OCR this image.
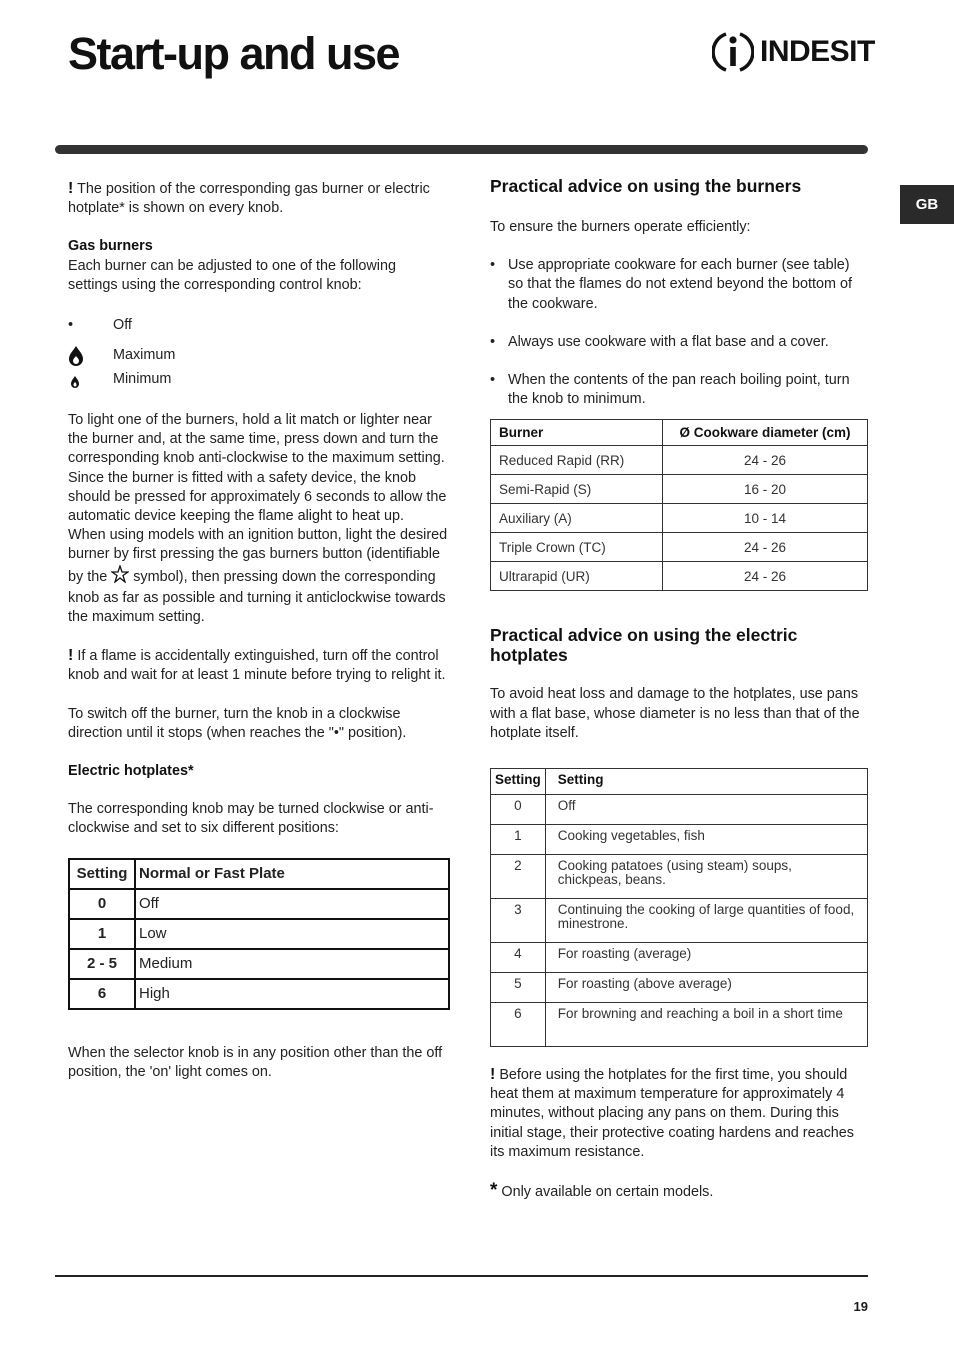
Start-up and use	INDESIT
GB

! The position of the corresponding gas burner or electric hotplate* is shown on every knob.

Gas burners

Each burner can be adjusted to one of the following settings using the corresponding control knob:

•	Off
Maximum
Minimum

To light one of the burners, hold a lit match or lighter near the burner and, at the same time, press down and turn the corresponding knob anti-clockwise to the maximum setting.

Since the burner is fitted with a safety device, the knob should be pressed for approximately 6 seconds to allow the automatic device keeping the flame alight to heat up.

When using models with an ignition button, light the desired burner by first pressing the gas burners button (identifiable by the symbol), then pressing down the corresponding knob as far as possible and turning it anticlockwise towards the maximum setting.

! If a flame is accidentally extinguished, turn off the control knob and wait for at least 1 minute before trying to relight it.

To switch off the burner, turn the knob in a clockwise direction until it stops (when reaches the "•" position).

Electric hotplates*

The corresponding knob may be turned clockwise or anti-clockwise and set to six different positions:

Setting	Normal or Fast Plate
0	Off
1	Low
2 - 5	Medium
6	High

When the selector knob is in any position other than the off position, the 'on' light comes on.

Practical advice on using the burners

To ensure the burners operate efficiently:

• Use appropriate cookware for each burner (see table) so that the flames do not extend beyond the bottom of the cookware.
• Always use cookware with a flat base and a cover.
• When the contents of the pan reach boiling point, turn the knob to minimum.
Burner	Ø Cookware diameter (cm)
Reduced Rapid (RR)	24 - 26
Semi-Rapid (S)	16 - 20
Auxiliary (A)	10 - 14
Triple Crown (TC)	24 - 26
Ultrarapid (UR)	24 - 26

Practical advice on using the electric hotplates

To avoid heat loss and damage to the hotplates, use pans with a flat base, whose diameter is no less than that of the hotplate itself.

Setting	Setting
0	Off
1	Cooking vegetables, fish
2	Cooking patatoes (using steam) soups, chickpeas, beans.
3	Continuing the cooking of large quantities of food, minestrone.
4	For roasting (average)
5	For roasting (above average)
6	For browning and reaching a boil in a short time

! Before using the hotplates for the first time, you should heat them at maximum temperature for approximately 4 minutes, without placing any pans on them. During this initial stage, their protective coating hardens and reaches its maximum resistance.

* Only available on certain models.

19
